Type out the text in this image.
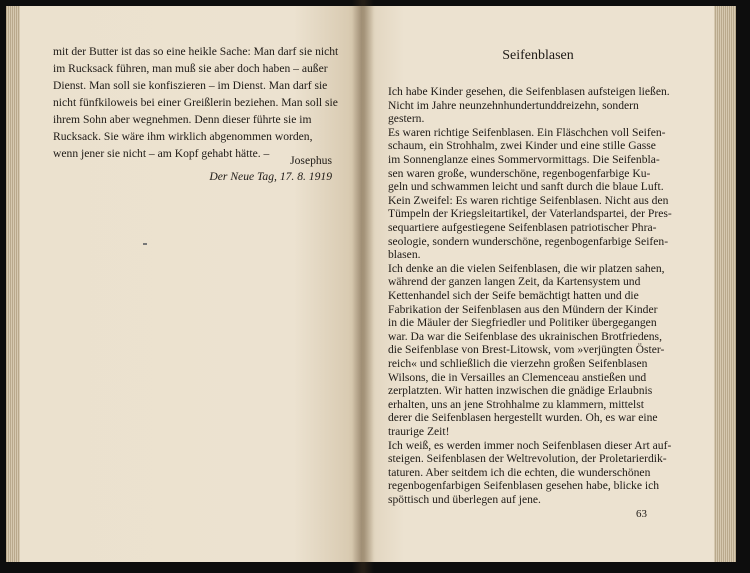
mit der Butter ist das so eine heikle Sache: Man darf sie nicht
im Rucksack führen, man muß sie aber doch haben – außer
Dienst. Man soll sie konfiszieren – im Dienst. Man darf sie
nicht fünfkiloweis bei einer Greißlerin beziehen. Man soll sie
ihrem Sohn aber wegnehmen. Denn dieser führte sie im
Rucksack. Sie wäre ihm wirklich abgenommen worden,
wenn jener sie nicht – am Kopf gehabt hätte. –
Josephus
Der Neue Tag, 17. 8. 1919
Seifenblasen
Ich habe Kinder gesehen, die Seifenblasen aufsteigen ließen.
Nicht im Jahre neunzehnhundertunddreizehn, sondern
gestern.
Es waren richtige Seifenblasen. Ein Fläschchen voll Seifen-
schaum, ein Strohhalm, zwei Kinder und eine stille Gasse
im Sonnenglanze eines Sommervormittags. Die Seifenbla-
sen waren große, wunderschöne, regenbogenfarbige Ku-
geln und schwammen leicht und sanft durch die blaue Luft.
Kein Zweifel: Es waren richtige Seifenblasen. Nicht aus den
Tümpeln der Kriegsleitartikel, der Vaterlandspartei, der Pres-
sequartiere aufgestiegene Seifenblasen patriotischer Phra-
seologie, sondern wunderschöne, regenbogenfarbige Seifen-
blasen.
Ich denke an die vielen Seifenblasen, die wir platzen sahen,
während der ganzen langen Zeit, da Kartensystem und
Kettenhandel sich der Seife bemächtigt hatten und die
Fabrikation der Seifenblasen aus den Mündern der Kinder
in die Mäuler der Siegfriedler und Politiker übergegangen
war. Da war die Seifenblase des ukrainischen Brotfriedens,
die Seifenblase von Brest-Litowsk, vom »verjüngten Öster-
reich« und schließlich die vierzehn großen Seifenblasen
Wilsons, die in Versailles an Clemenceau anstießen und
zerplatzten. Wir hatten inzwischen die gnädige Erlaubnis
erhalten, uns an jene Strohhalme zu klammern, mittelst
derer die Seifenblasen hergestellt wurden. Oh, es war eine
traurige Zeit!
Ich weiß, es werden immer noch Seifenblasen dieser Art auf-
steigen. Seifenblasen der Weltrevolution, der Proletarierdik-
taturen. Aber seitdem ich die echten, die wunderschönen
regenbogenfarbigen Seifenblasen gesehen habe, blicke ich
spöttisch und überlegen auf jene.
63
